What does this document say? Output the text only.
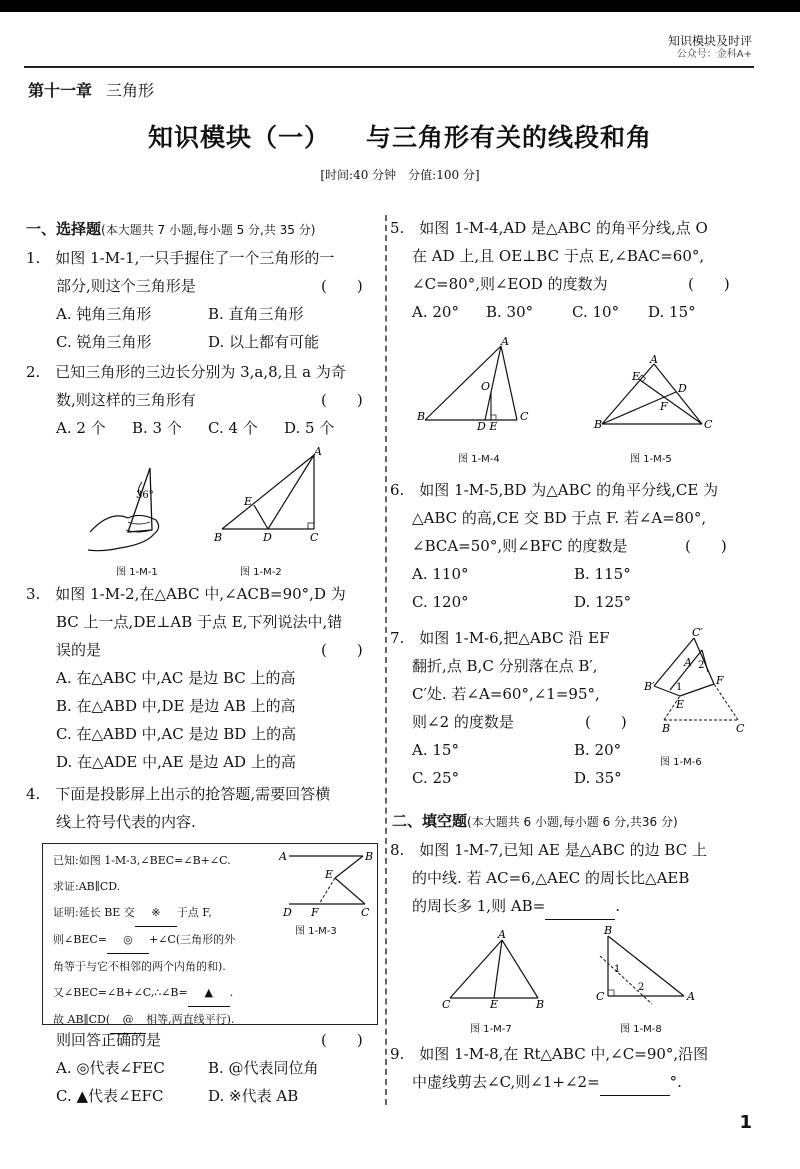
知识模块及时评
公众号：金科A+
第十一章 三角形
知识模块（一） 与三角形有关的线段和角
[时间:40 分钟　分值:100 分]
一、选择题(本大题共 7 小题,每小题 5 分,共 35 分)
1.　如图 1-M-1,一只手握住了一个三角形的一
部分,则这个三角形是	(　　)
A. 钝角三角形	B. 直角三角形
C. 锐角三角形	D. 以上都有可能
2.　已知三角形的三边长分别为 3,a,8,且 a 为奇
数,则这样的三角形有	(　　)
A. 2 个 B. 3 个 C. 4 个 D. 5 个
36°
图 1-M-1
A
B	C
D
E
图 1-M-2
3.　如图 1-M-2,在△ABC 中,∠ACB=90°,D 为
BC 上一点,DE⊥AB 于点 E,下列说法中,错
误的是	(　　)
A. 在△ABC 中,AC 是边 BC 上的高
B. 在△ABD 中,DE 是边 AB 上的高
C. 在△ABD 中,AC 是边 BD 上的高
D. 在△ADE 中,AE 是边 AD 上的高
4.　下面是投影屏上出示的抢答题,需要回答横
线上符号代表的内容.
已知:如图 1-M-3,∠BEC=∠B+∠C.
求证:AB∥CD.
证明:延长 BE 交 ※ 于点 F,
则∠BEC= ◎ +∠C(三角形的外
角等于与它不相邻的两个内角的和).
又∠BEC=∠B+∠C,∴∠B= ▲ .
故 AB∥CD( @ 相等,两直线平行).
A	B
E
D F	C
图 1-M-3
则回答正确的是	(　　)
A. ◎代表∠FEC	B. @代表同位角
C. ▲代表∠EFC	D. ※代表 AB
5.　如图 1-M-4,AD 是△ABC 的角平分线,点 O
在 AD 上,且 OE⊥BC 于点 E,∠BAC=60°,
∠C=80°,则∠EOD 的度数为	(　　)
A. 20° B. 30°	C. 10° D. 15°
A
B	C
O
D E
图 1-M-4
A
B	C
D
E
F
图 1-M-5
6.　如图 1-M-5,BD 为△ABC 的角平分线,CE 为
△ABC 的高,CE 交 BD 于点 F. 若∠A=80°,
∠BCA=50°,则∠BFC 的度数是	(　　)
A. 110°	B. 115°
C. 120°	D. 125°
7.　如图 1-M-6,把△ABC 沿 EF
翻折,点 B,C 分别落在点 B′,
C′处. 若∠A=60°,∠1=95°,
则∠2 的度数是	(　　)
A. 15°	B. 20°
C. 25°	D. 35°
C′
B′
A
E
F
B	C
1
2
图 1-M-6
二、填空题(本大题共 6 小题,每小题 6 分,共36 分)
8.　如图 1-M-7,已知 AE 是△ABC 的边 BC 上
的中线. 若 AC=6,△AEC 的周长比△AEB
的周长多 1,则 AB=	.
A
C	E	B
图 1-M-7
B
C	A
1
2
图 1-M-8
9.　如图 1-M-8,在 Rt△ABC 中,∠C=90°,沿图
中虚线剪去∠C,则∠1+∠2=	°.
1
